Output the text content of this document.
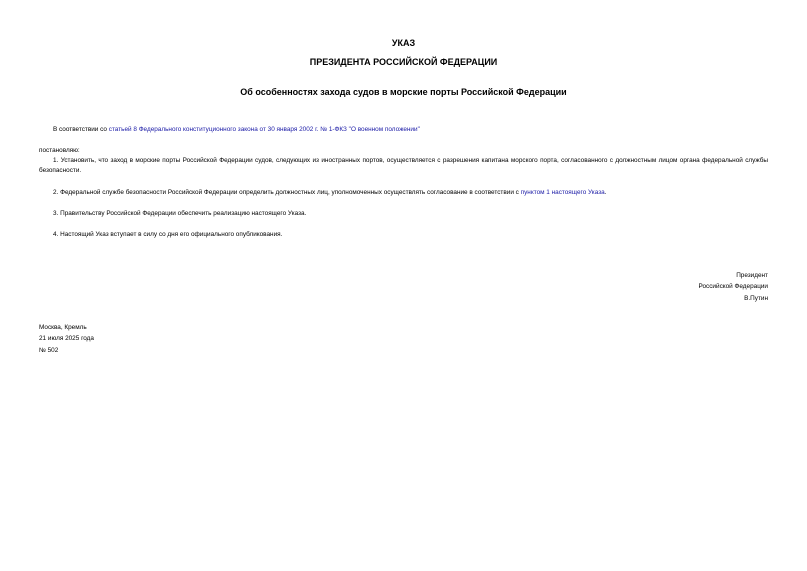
УКАЗ
ПРЕЗИДЕНТА РОССИЙСКОЙ ФЕДЕРАЦИИ
Об особенностях захода судов в морские порты Российской Федерации
В соответствии со статьей 8 Федерального конституционного закона от 30 января 2002 г. № 1-ФКЗ "О военном положении"
постановляю:
1. Установить, что заход в морские порты Российской Федерации судов, следующих из иностранных портов, осуществляется с разрешения капитана морского порта, согласованного с должностным лицом органа федеральной службы безопасности.
2. Федеральной службе безопасности Российской Федерации определить должностных лиц, уполномоченных осуществлять согласование в соответствии с пунктом 1 настоящего Указа.
3. Правительству Российской Федерации обеспечить реализацию настоящего Указа.
4. Настоящий Указ вступает в силу со дня его официального опубликования.
Президент
Российской Федерации
В.Путин
Москва, Кремль
21 июля 2025 года
№ 502
